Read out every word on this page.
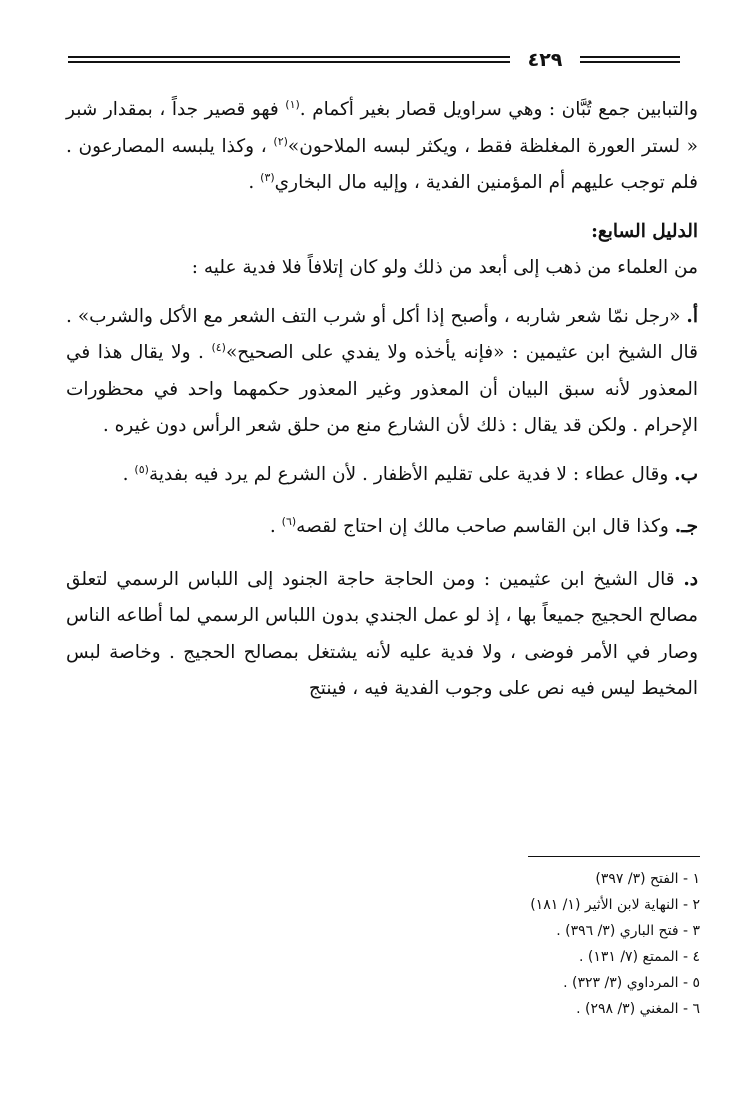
٤٢٩

والتبابين جمع تُبَّان : وهي سراويل قصار بغير أكمام .$^{(١)}$ فهو قصير جداً ، بمقدار شبر « لستر العورة المغلظة فقط ، ويكثر لبسه الملاحون»$^{(٢)}$ ، وكذا يلبسه المصارعون . فلم توجب عليهم أم المؤمنين الفدية ، وإليه مال البخاري$^{(٣)}$ .

الدليل السابع:

من العلماء من ذهب إلى أبعد من ذلك ولو كان إتلافاً فلا فدية عليه :

أ. «رجل نمّا شعر شاربه ، وأصبح إذا أكل أو شرب التف الشعر مع الأكل والشرب» . قال الشيخ ابن عثيمين : «فإنه يأخذه ولا يفدي على الصحيح»$^{(٤)}$ . ولا يقال هذا في المعذور لأنه سبق البيان أن المعذور وغير المعذور حكمهما واحد في محظورات الإحرام . ولكن قد يقال : ذلك لأن الشارع منع من حلق شعر الرأس دون غيره .

ب. وقال عطاء : لا فدية على تقليم الأظفار . لأن الشرع لم يرد فيه بفدية$^{(٥)}$ .

جـ. وكذا قال ابن القاسم صاحب مالك إن احتاج لقصه$^{(٦)}$ .

د. قال الشيخ ابن عثيمين : ومن الحاجة حاجة الجنود إلى اللباس الرسمي لتعلق مصالح الحجيج جميعاً بها ، إذ لو عمل الجندي بدون اللباس الرسمي لما أطاعه الناس وصار في الأمر فوضى ، ولا فدية عليه لأنه يشتغل بمصالح الحجيج . وخاصة لبس المخيط ليس فيه نص على وجوب الفدية فيه ، فينتج

١ - الفتح (٣/ ٣٩٧)

٢ - النهاية لابن الأثير (١/ ١٨١)

٣ - فتح الباري (٣/ ٣٩٦) .

٤ - الممتع (٧/ ١٣١) .

٥ - المرداوي (٣/ ٣٢٣) .

٦ - المغني (٣/ ٢٩٨) .
